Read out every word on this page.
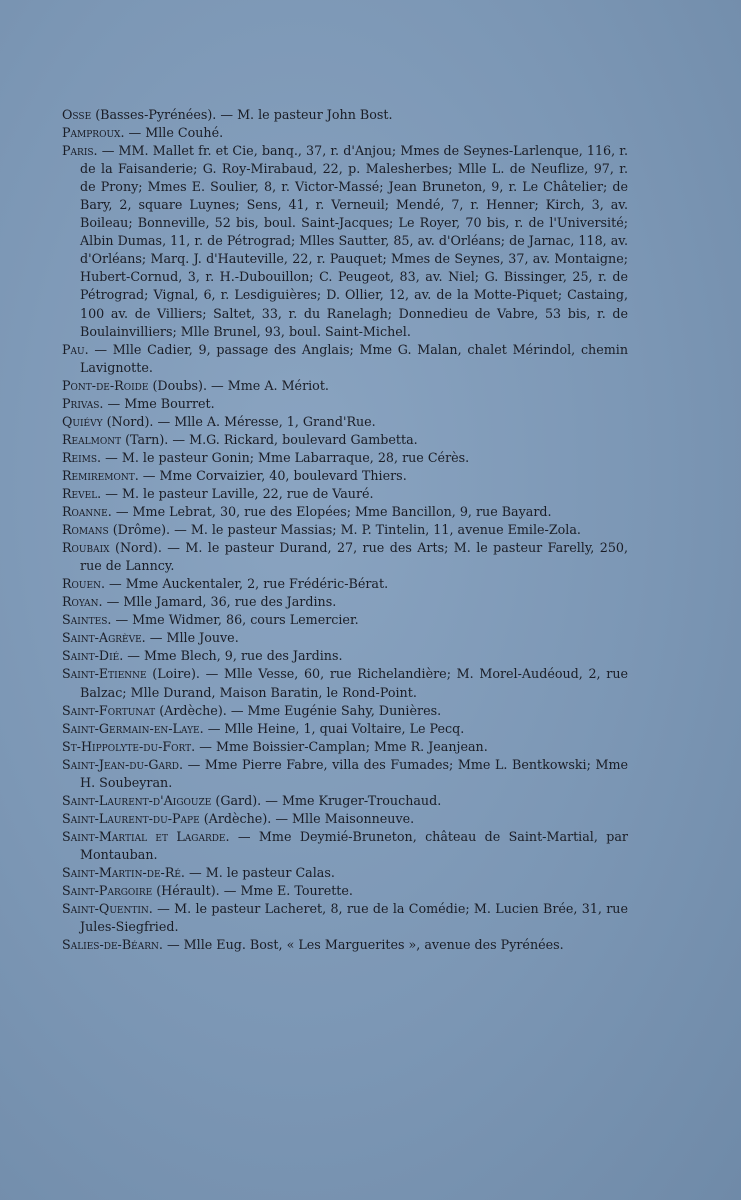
Osse (Basses-Pyrénées). — M. le pasteur John Bost.

Pamproux. — Mlle Couhé.

Paris. — MM. Mallet fr. et Cie, banq., 37, r. d'Anjou; Mmes de Seynes-Larlenque, 116, r. de la Faisanderie; G. Roy-Mirabaud, 22, p. Malesherbes; Mlle L. de Neuflize, 97, r. de Prony; Mmes E. Soulier, 8, r. Victor-Massé; Jean Bruneton, 9, r. Le Châtelier; de Bary, 2, square Luynes; Sens, 41, r. Verneuil; Mendé, 7, r. Henner; Kirch, 3, av. Boileau; Bonneville, 52 bis, boul. Saint-Jacques; Le Royer, 70 bis, r. de l'Université; Albin Dumas, 11, r. de Pétrograd; Mlles Sautter, 85, av. d'Orléans; de Jarnac, 118, av. d'Orléans; Marq. J. d'Hauteville, 22, r. Pauquet; Mmes de Seynes, 37, av. Montaigne; Hubert-Cornud, 3, r. H.-Dubouillon; C. Peugeot, 83, av. Niel; G. Bissinger, 25, r. de Pétrograd; Vignal, 6, r. Lesdiguières; D. Ollier, 12, av. de la Motte-Piquet; Castaing, 100 av. de Villiers; Saltet, 33, r. du Ranelagh; Donnedieu de Vabre, 53 bis, r. de Boulainvilliers; Mlle Brunel, 93, boul. Saint-Michel.

Pau. — Mlle Cadier, 9, passage des Anglais; Mme G. Malan, chalet Mérindol, chemin Lavignotte.

Pont-de-Roide (Doubs). — Mme A. Mériot.

Privas. — Mme Bourret.

Quiévy (Nord). — Mlle A. Méresse, 1, Grand'Rue.

Realmont (Tarn). — M.G. Rickard, boulevard Gambetta.

Reims. — M. le pasteur Gonin; Mme Labarraque, 28, rue Cérès.

Remiremont. — Mme Corvaizier, 40, boulevard Thiers.

Revel. — M. le pasteur Laville, 22, rue de Vauré.

Roanne. — Mme Lebrat, 30, rue des Elopées; Mme Bancillon, 9, rue Bayard.

Romans (Drôme). — M. le pasteur Massias; M. P. Tintelin, 11, avenue Emile-Zola.

Roubaix (Nord). — M. le pasteur Durand, 27, rue des Arts; M. le pasteur Farelly, 250, rue de Lanncy.

Rouen. — Mme Auckentaler, 2, rue Frédéric-Bérat.

Royan. — Mlle Jamard, 36, rue des Jardins.

Saintes. — Mme Widmer, 86, cours Lemercier.

Saint-Agrève. — Mlle Jouve.

Saint-Dié. — Mme Blech, 9, rue des Jardins.

Saint-Etienne (Loire). — Mlle Vesse, 60, rue Richelandière; M. Morel-Audéoud, 2, rue Balzac; Mlle Durand, Maison Baratin, le Rond-Point.

Saint-Fortunat (Ardèche). — Mme Eugénie Sahy, Dunières.

Saint-Germain-en-Laye. — Mlle Heine, 1, quai Voltaire, Le Pecq.

St-Hippolyte-du-Fort. — Mme Boissier-Camplan; Mme R. Jeanjean.

Saint-Jean-du-Gard. — Mme Pierre Fabre, villa des Fumades; Mme L. Bentkowski; Mme H. Soubeyran.

Saint-Laurent-d'Aigouze (Gard). — Mme Kruger-Trouchaud.

Saint-Laurent-du-Pape (Ardèche). — Mlle Maisonneuve.

Saint-Martial et Lagarde. — Mme Deymié-Bruneton, château de Saint-Martial, par Montauban.

Saint-Martin-de-Ré. — M. le pasteur Calas.

Saint-Pargoire (Hérault). — Mme E. Tourette.

Saint-Quentin. — M. le pasteur Lacheret, 8, rue de la Comédie; M. Lucien Brée, 31, rue Jules-Siegfried.

Salies-de-Béarn. — Mlle Eug. Bost, « Les Marguerites », avenue des Pyrénées.
